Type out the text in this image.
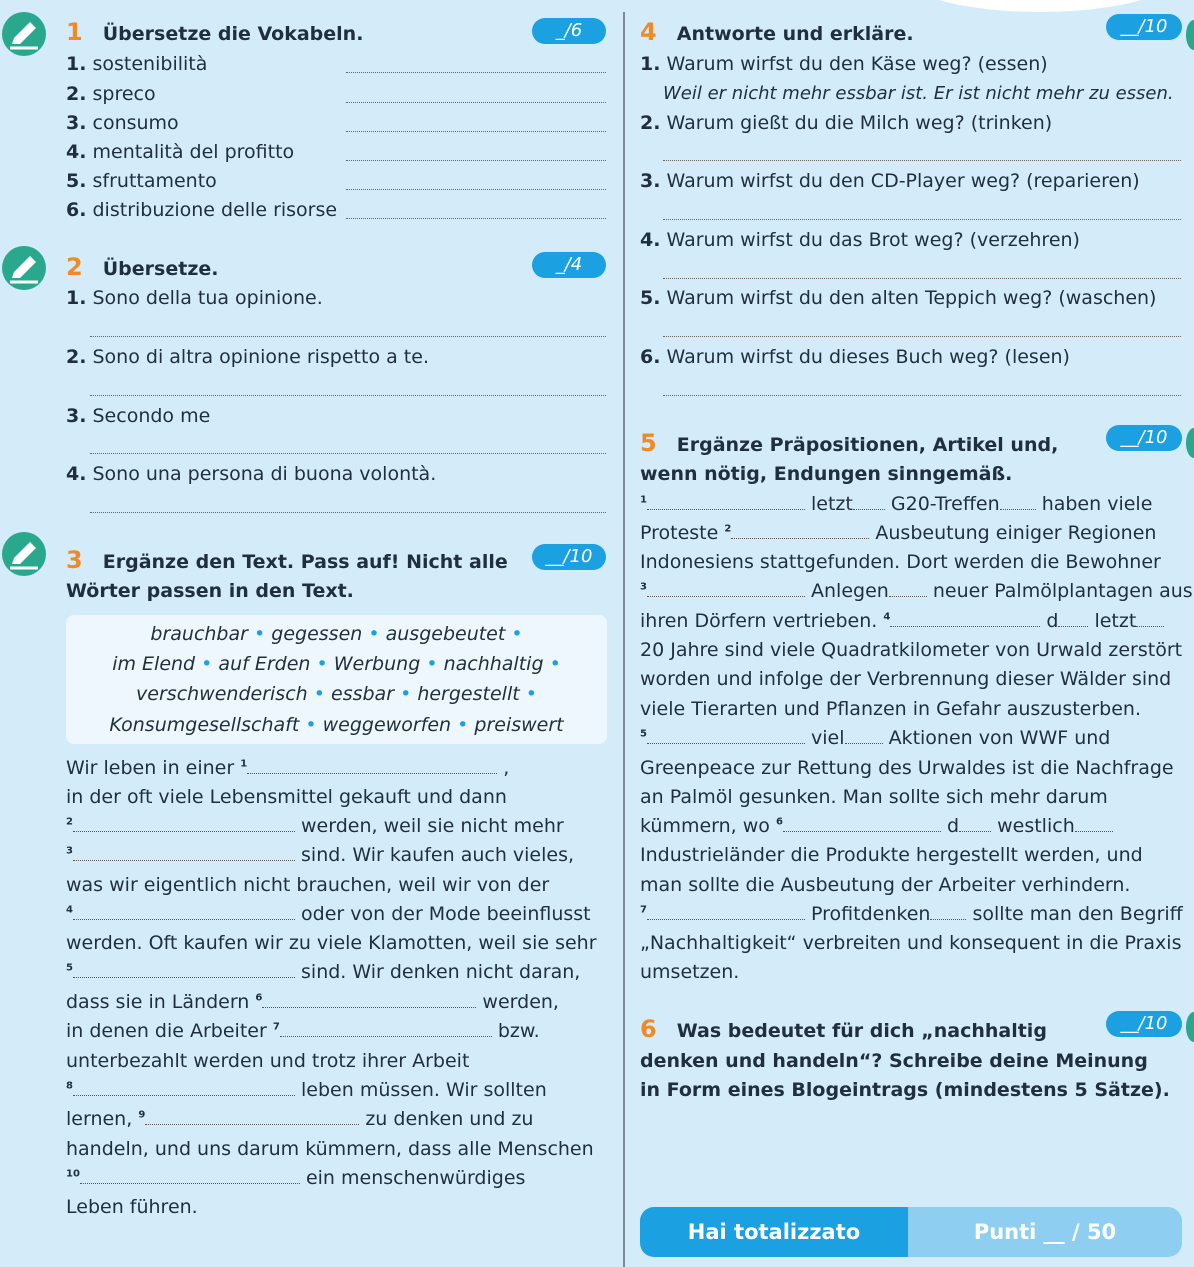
1 Übersetze die Vokabeln.	_/6
1. sostenibilità
2. spreco
3. consumo
4. mentalità del profitto
5. sfruttamento
6. distribuzione delle risorse
2 Übersetze.	_/4
1. Sono della tua opinione.
2. Sono di altra opinione rispetto a te.
3. Secondo me
4. Sono una persona di buona volontà.
3 Ergänze den Text. Pass auf! Nicht alle
Wörter passen in den Text.
__/10
brauchbar • gegessen • ausgebeutet •
im Elend • auf Erden • Werbung • nachhaltig •
verschwenderisch • essbar • hergestellt •
Konsumgesellschaft • weggeworfen • preiswert
Wir leben in einer $^1$	,
in der oft viele Lebensmittel gekauft und dann
$^2$	werden, weil sie nicht mehr
$^3$	sind. Wir kaufen auch vieles,
was wir eigentlich nicht brauchen, weil wir von der
$^4$	oder von der Mode beeinflusst
werden. Oft kaufen wir zu viele Klamotten, weil sie sehr
$^5$	sind. Wir denken nicht daran,
dass sie in Ländern $^6$	werden,
in denen die Arbeiter $^7$	bzw.
unterbezahlt werden und trotz ihrer Arbeit
$^8$	leben müssen. Wir sollten
lernen, $^9$	zu denken und zu
handeln, und uns darum kümmern, dass alle Menschen
$^{10}$	ein menschenwürdiges
Leben führen.
4 Antworte und erkläre.	__/10
1. Warum wirfst du den Käse weg? (essen)
Weil er nicht mehr essbar ist. Er ist nicht mehr zu essen.
2. Warum gießt du die Milch weg? (trinken)
3. Warum wirfst du den CD-Player weg? (reparieren)
4. Warum wirfst du das Brot weg? (verzehren)
5. Warum wirfst du den alten Teppich weg? (waschen)
6. Warum wirfst du dieses Buch weg? (lesen)
5 Ergänze Präpositionen, Artikel und,
wenn nötig, Endungen sinngemäß.
__/10
$^1$	letzt G20-Treffen haben viele
Proteste $^2$	Ausbeutung einiger Regionen
Indonesiens stattgefunden. Dort werden die Bewohner
$^3$	Anlegen neuer Palmölplantagen aus
ihren Dörfern vertrieben. $^4$	d letzt
20 Jahre sind viele Quadratkilometer von Urwald zerstört
worden und infolge der Verbrennung dieser Wälder sind
viele Tierarten und Pflanzen in Gefahr auszusterben.
$^5$	viel Aktionen von WWF und
Greenpeace zur Rettung des Urwaldes ist die Nachfrage
an Palmöl gesunken. Man sollte sich mehr darum
kümmern, wo $^6$	d westlich
Industrieländer die Produkte hergestellt werden, und
man sollte die Ausbeutung der Arbeiter verhindern.
$^7$	Profitdenken sollte man den Begriff
„Nachhaltigkeit“ verbreiten und konsequent in die Praxis
umsetzen.
6 Was bedeutet für dich „nachhaltig
denken und handeln“? Schreibe deine Meinung
in Form eines Blogeintrags (mindestens 5 Sätze).
__/10
Hai totalizzato	Punti __ / 50
